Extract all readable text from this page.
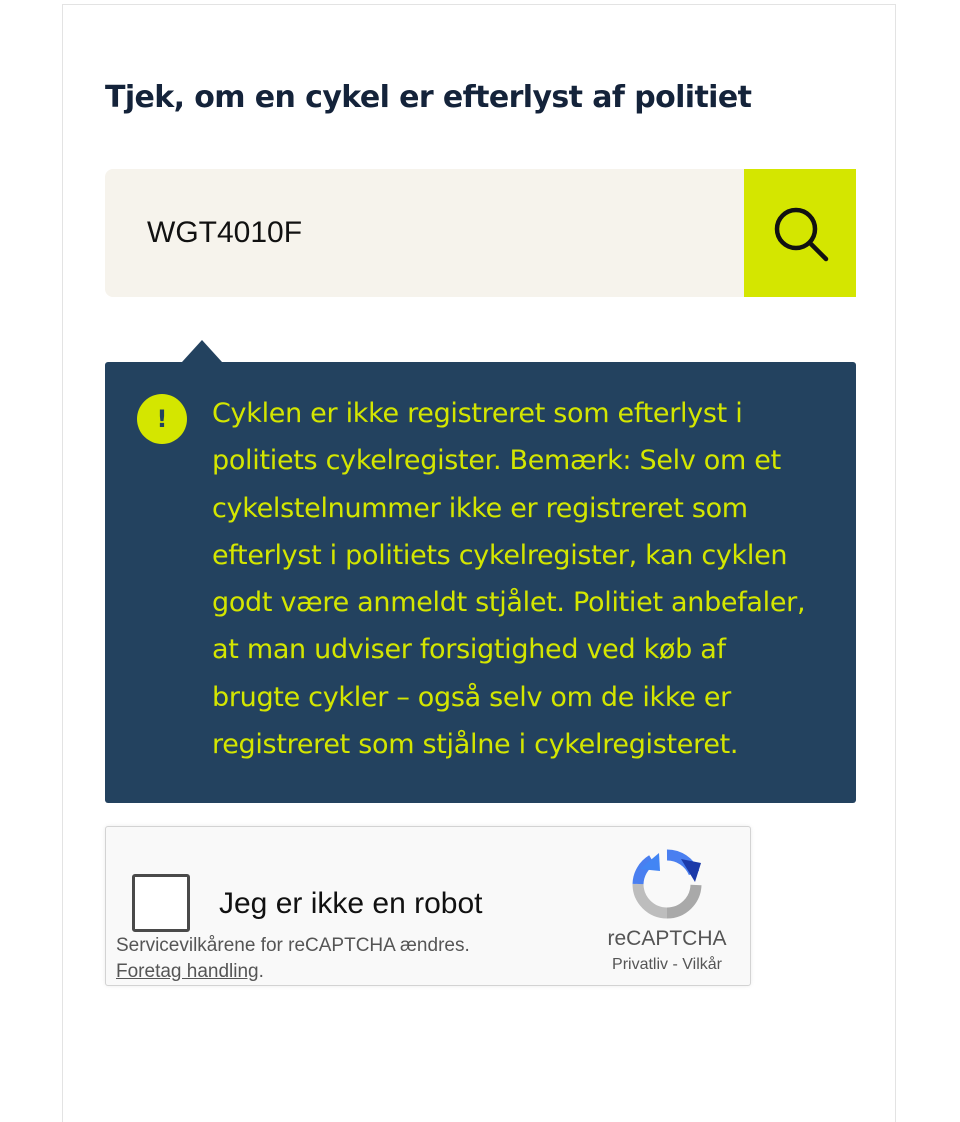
Tjek, om en cykel er efterlyst af politiet
WGT4010F
!	Cyklen er ikke registreret som efterlyst i politiets cykelregister. Bemærk: Selv om et cykelstelnummer ikke er registreret som efterlyst i politiets cykelregister, kan cyklen godt være anmeldt stjålet. Politiet anbefaler, at man udviser forsigtighed ved køb af brugte cykler – også selv om de ikke er registreret som stjålne i cykelregisteret.

Jeg er ikke en robot
Servicevilkårene for reCAPTCHA ændres.
Foretag handling.
reCAPTCHA
Privatliv - Vilkår
